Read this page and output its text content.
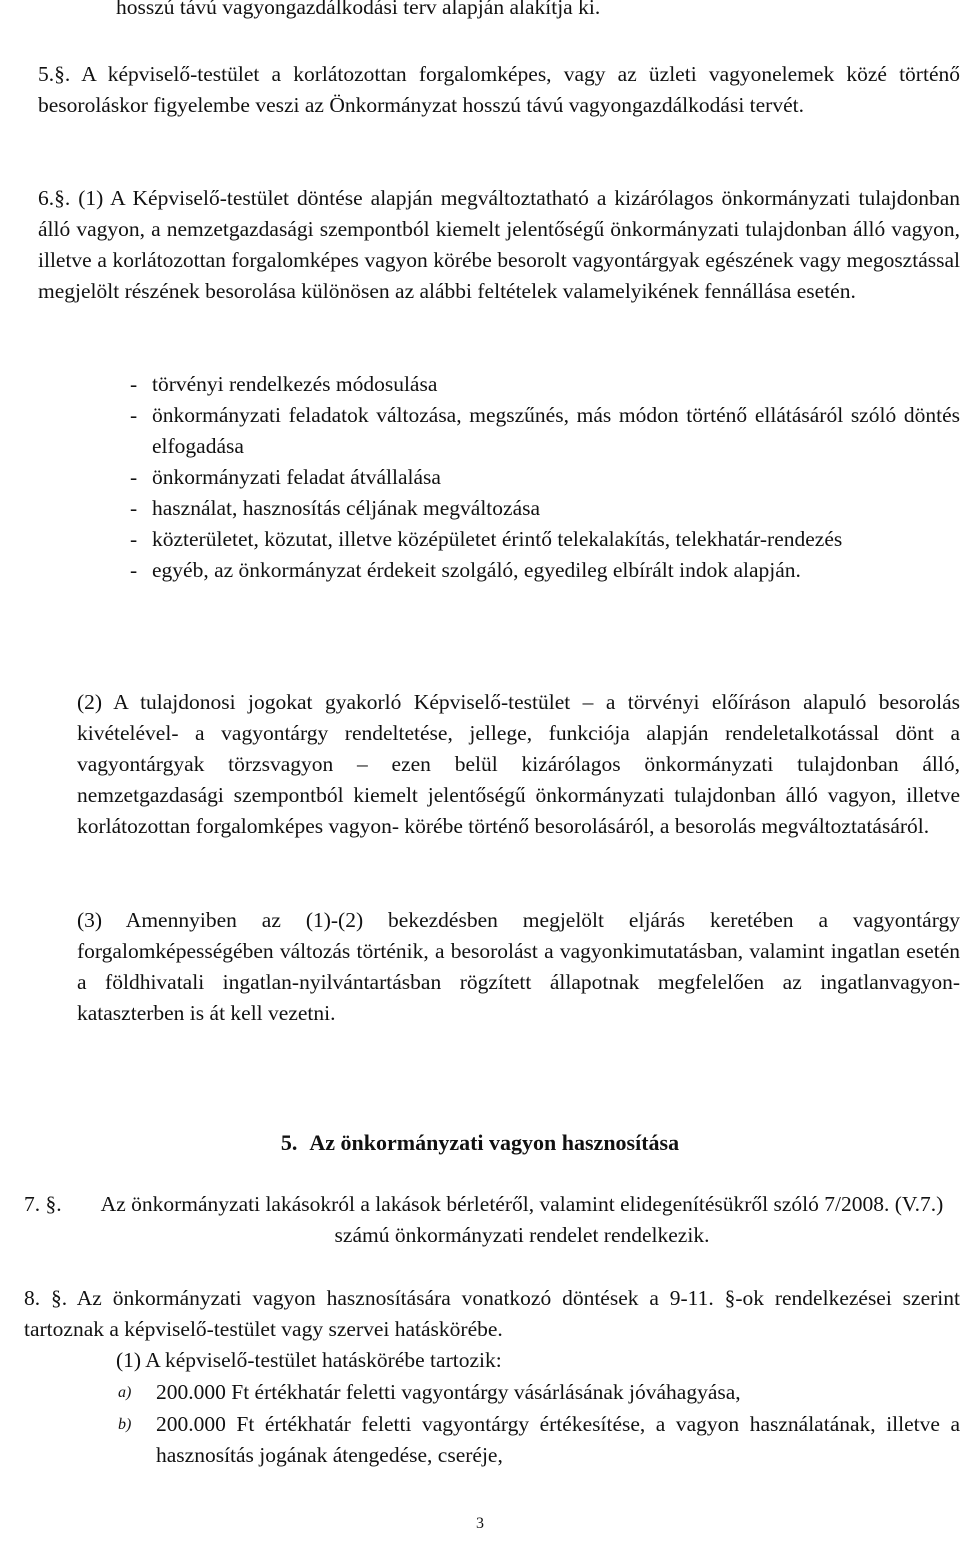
hosszú távú vagyongazdálkodási terv alapján alakítja ki.
5.§. A képviselő-testület a korlátozottan forgalomképes, vagy az üzleti vagyonelemek közé történő besoroláskor figyelembe veszi az Önkormányzat hosszú távú vagyongazdálkodási tervét.
6.§. (1) A Képviselő-testület döntése alapján megváltoztatható a kizárólagos önkormányzati tulajdonban álló vagyon, a nemzetgazdasági szempontból kiemelt jelentőségű önkormányzati tulajdonban álló vagyon, illetve a korlátozottan forgalomképes vagyon körébe besorolt vagyontárgyak egészének vagy megosztással megjelölt részének besorolása különösen az alábbi feltételek valamelyikének fennállása esetén.
- törvényi rendelkezés módosulása
- önkormányzati feladatok változása, megszűnés, más módon történő ellátásáról szóló döntés elfogadása
- önkormányzati feladat átvállalása
- használat, hasznosítás céljának megváltozása
- közterületet, közutat, illetve középületet érintő telekalakítás, telekhatár-rendezés
- egyéb, az önkormányzat érdekeit szolgáló, egyedileg elbírált indok alapján.
(2) A tulajdonosi jogokat gyakorló Képviselő-testület – a törvényi előíráson alapuló besorolás kivételével- a vagyontárgy rendeltetése, jellege, funkciója alapján rendeletalkotással dönt a vagyontárgyak törzsvagyon – ezen belül kizárólagos önkormányzati tulajdonban álló, nemzetgazdasági szempontból kiemelt jelentőségű önkormányzati tulajdonban álló vagyon, illetve korlátozottan forgalomképes vagyon- körébe történő besorolásáról, a besorolás megváltoztatásáról.
(3) Amennyiben az (1)-(2) bekezdésben megjelölt eljárás keretében a vagyontárgy forgalomképességében változás történik, a besorolást a vagyonkimutatásban, valamint ingatlan esetén a földhivatali ingatlan-nyilvántartásban rögzített állapotnak megfelelően az ingatlanvagyon-kataszterben is át kell vezetni.
5. Az önkormányzati vagyon hasznosítása
7. §.	Az önkormányzati lakásokról a lakások bérletéről, valamint elidegenítésükről szóló 7/2008. (V.7.) számú önkormányzati rendelet rendelkezik.
8. §. Az önkormányzati vagyon hasznosítására vonatkozó döntések a 9-11. §-ok rendelkezései szerint tartoznak a képviselő-testület vagy szervei hatáskörébe.
(1) A képviselő-testület hatáskörébe tartozik:
a)	200.000 Ft értékhatár feletti vagyontárgy vásárlásának jóváhagyása,
b)	200.000 Ft értékhatár feletti vagyontárgy értékesítése, a vagyon használatának, illetve a hasznosítás jogának átengedése, cseréje,
3
